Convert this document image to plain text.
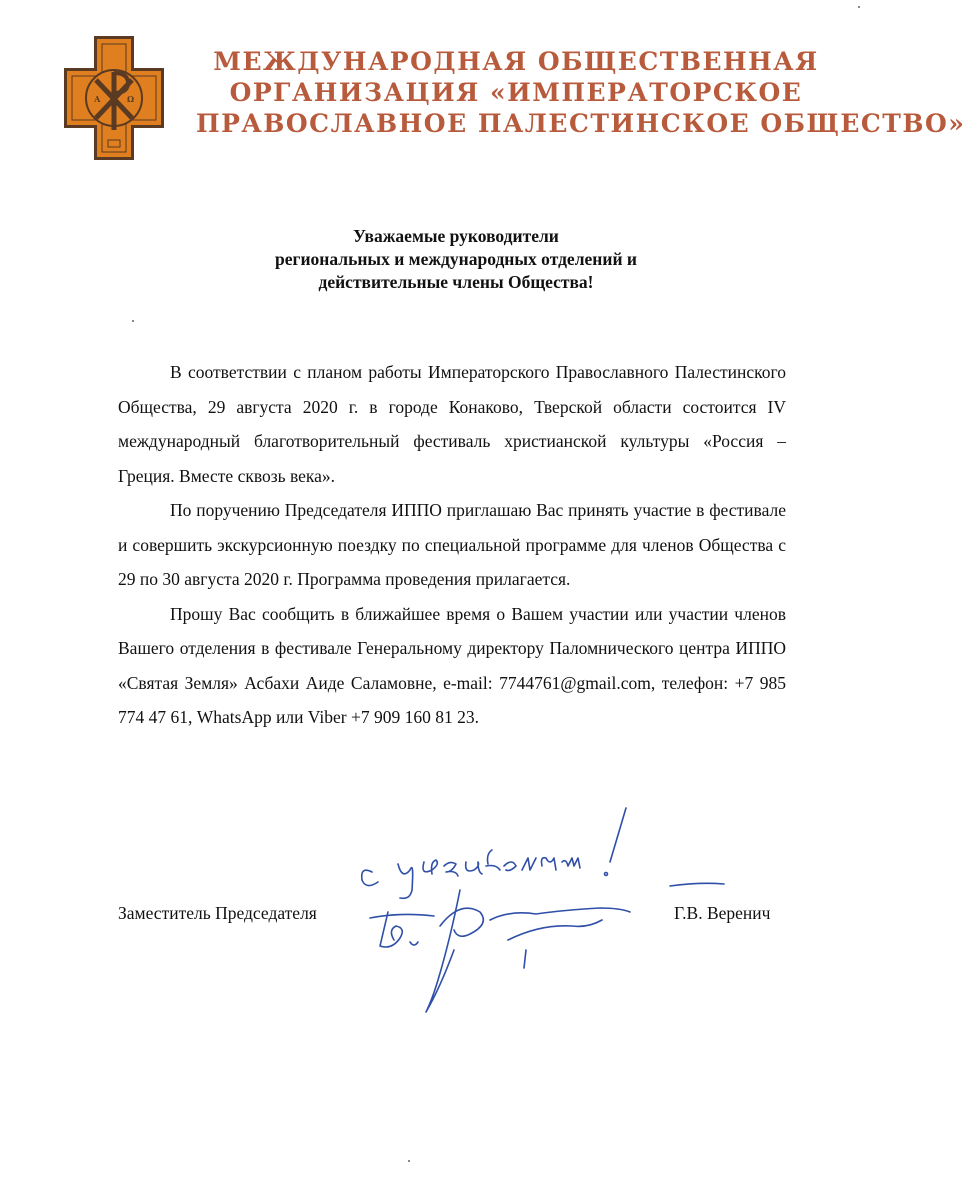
А	Ω
МЕЖДУНАРОДНАЯ ОБЩЕСТВЕННАЯ
ОРГАНИЗАЦИЯ «ИМПЕРАТОРСКОЕ
ПРАВОСЛАВНОЕ ПАЛЕСТИНСКОЕ ОБЩЕСТВО»
Уважаемые руководители
региональных и международных отделений и
действительные члены Общества!

В соответствии с планом работы Императорского Православного Палестинского Общества, 29 августа 2020 г. в городе Конаково, Тверской области состоится IV международный благотворительный фестиваль христианской культуры «Россия – Греция. Вместе сквозь века».

По поручению Председателя ИППО приглашаю Вас принять участие в фестивале и совершить экскурсионную поездку по специальной программе для членов Общества с 29 по 30 августа 2020 г. Программа проведения прилагается.

Прошу Вас сообщить в ближайшее время о Вашем участии или участии членов Вашего отделения в фестивале Генеральному директору Паломнического центра ИППО «Святая Земля» Асбахи Аиде Саламовне, e-mail: 7744761@gmail.com, телефон: +7 985 774 47 61, WhatsApp или Viber +7 909 160 81 23.

Заместитель Председателя	Г.В. Веренич
